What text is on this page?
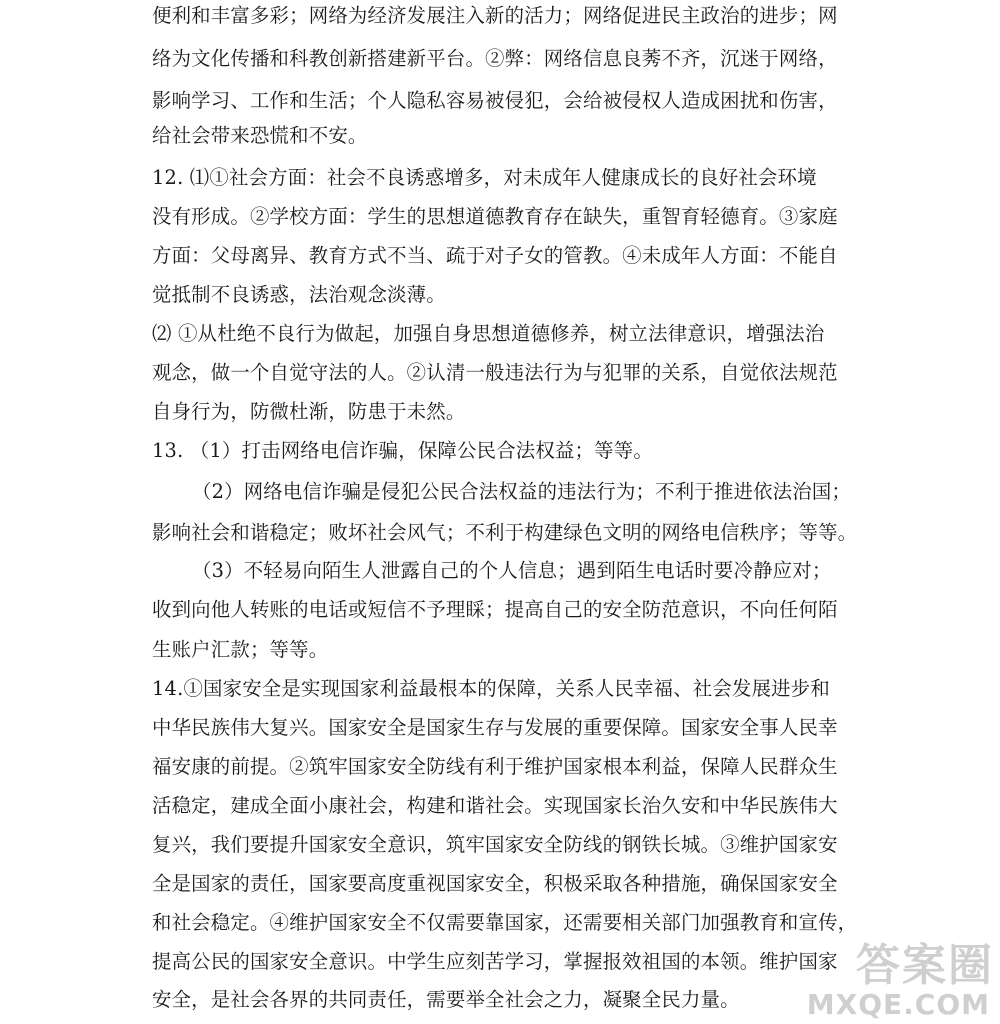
便利和丰富多彩；网络为经济发展注入新的活力；网络促进民主政治的进步；网
络为文化传播和科教创新搭建新平台。②弊：网络信息良莠不齐，沉迷于网络，
影响学习、工作和生活；个人隐私容易被侵犯，会给被侵权人造成困扰和伤害，
给社会带来恐慌和不安。
12. ⑴①社会方面：社会不良诱惑增多，对未成年人健康成长的良好社会环境
没有形成。②学校方面：学生的思想道德教育存在缺失，重智育轻德育。③家庭
方面：父母离异、教育方式不当、疏于对子女的管教。④未成年人方面：不能自
觉抵制不良诱惑，法治观念淡薄。
⑵ ①从杜绝不良行为做起，加强自身思想道德修养，树立法律意识，增强法治
观念，做一个自觉守法的人。②认清一般违法行为与犯罪的关系，自觉依法规范
自身行为，防微杜渐，防患于未然。
13. （1）打击网络电信诈骗，保障公民合法权益；等等。
（2）网络电信诈骗是侵犯公民合法权益的违法行为；不利于推进依法治国；
影响社会和谐稳定；败坏社会风气；不利于构建绿色文明的网络电信秩序；等等。
（3）不轻易向陌生人泄露自己的个人信息；遇到陌生电话时要冷静应对；
收到向他人转账的电话或短信不予理睬；提高自己的安全防范意识，不向任何陌
生账户汇款；等等。
14.①国家安全是实现国家利益最根本的保障，关系人民幸福、社会发展进步和
中华民族伟大复兴。国家安全是国家生存与发展的重要保障。国家安全事人民幸
福安康的前提。②筑牢国家安全防线有利于维护国家根本利益，保障人民群众生
活稳定，建成全面小康社会，构建和谐社会。实现国家长治久安和中华民族伟大
复兴，我们要提升国家安全意识，筑牢国家安全防线的钢铁长城。③维护国家安
全是国家的责任，国家要高度重视国家安全，积极采取各种措施，确保国家安全
和社会稳定。④维护国家安全不仅需要靠国家，还需要相关部门加强教育和宣传，
提高公民的国家安全意识。中学生应刻苦学习，掌握报效祖国的本领。维护国家
安全，是社会各界的共同责任，需要举全社会之力，凝聚全民力量。
答案圈
MXQE.COM
